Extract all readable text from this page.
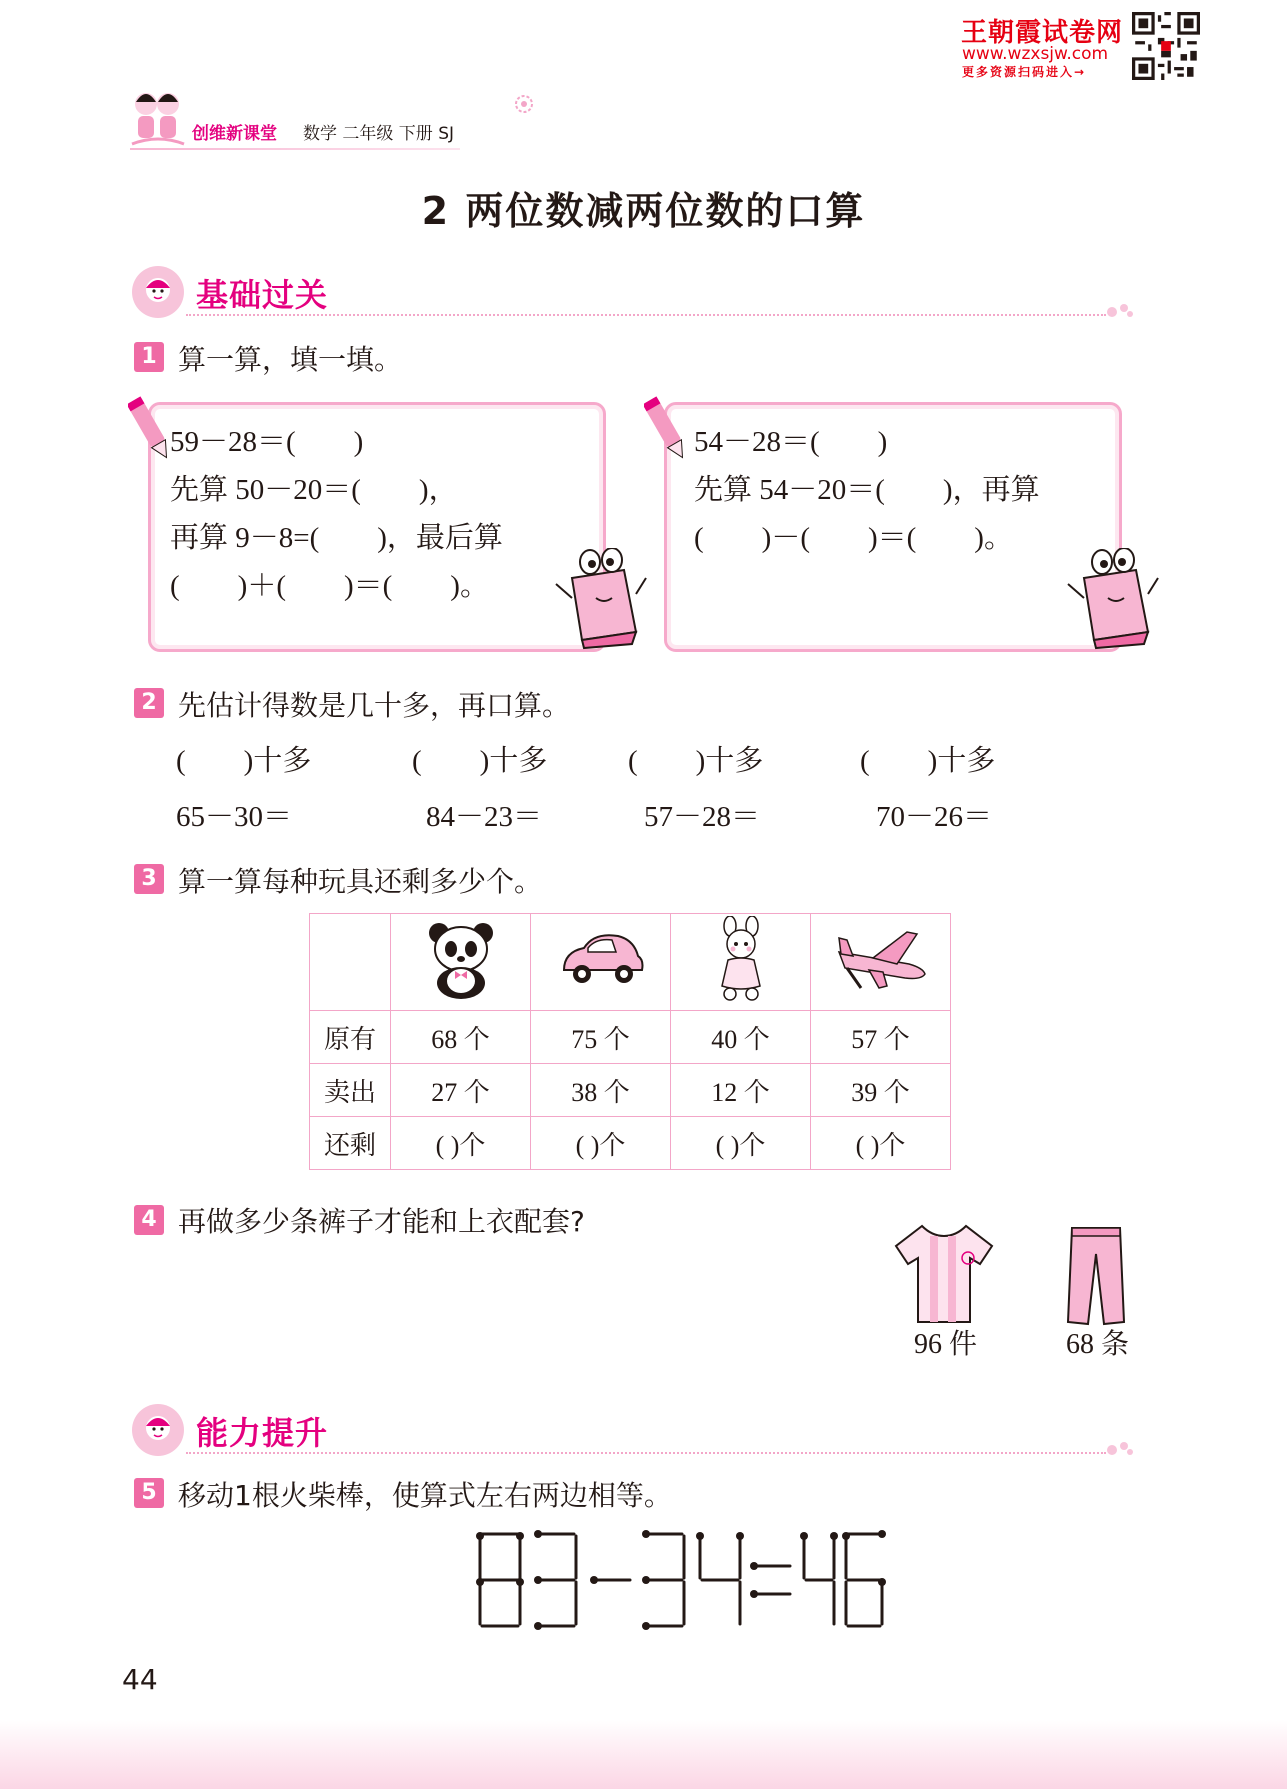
王朝霞试卷网
www.wzxsjw.com
更多资源扫码进入→
创维新课堂 数学 二年级 下册 SJ
2 两位数减两位数的口算
基础过关
1 算一算，填一填。
59－28＝(        )
先算 50－20＝(        )，
再算 9－8=(        )，最后算
(        )＋(        )＝(        )。
54－28＝(        )
先算 54－20＝(        )，再算
(        )－(        )＝(        )。
2 先估计得数是几十多，再口算。
(        )十多	(        )十多	(        )十多	(        )十多
65－30＝	84－23＝	57－28＝	70－26＝
3 算一算每种玩具还剩多少个。

原有	68 个	75 个	40 个	57 个
卖出	27 个	38 个	12 个	39 个
还剩	( )个	( )个	( )个	( )个
4 再做多少条裤子才能和上衣配套?
96 件	68 条
能力提升
5 移动1根火柴棒，使算式左右两边相等。
44
